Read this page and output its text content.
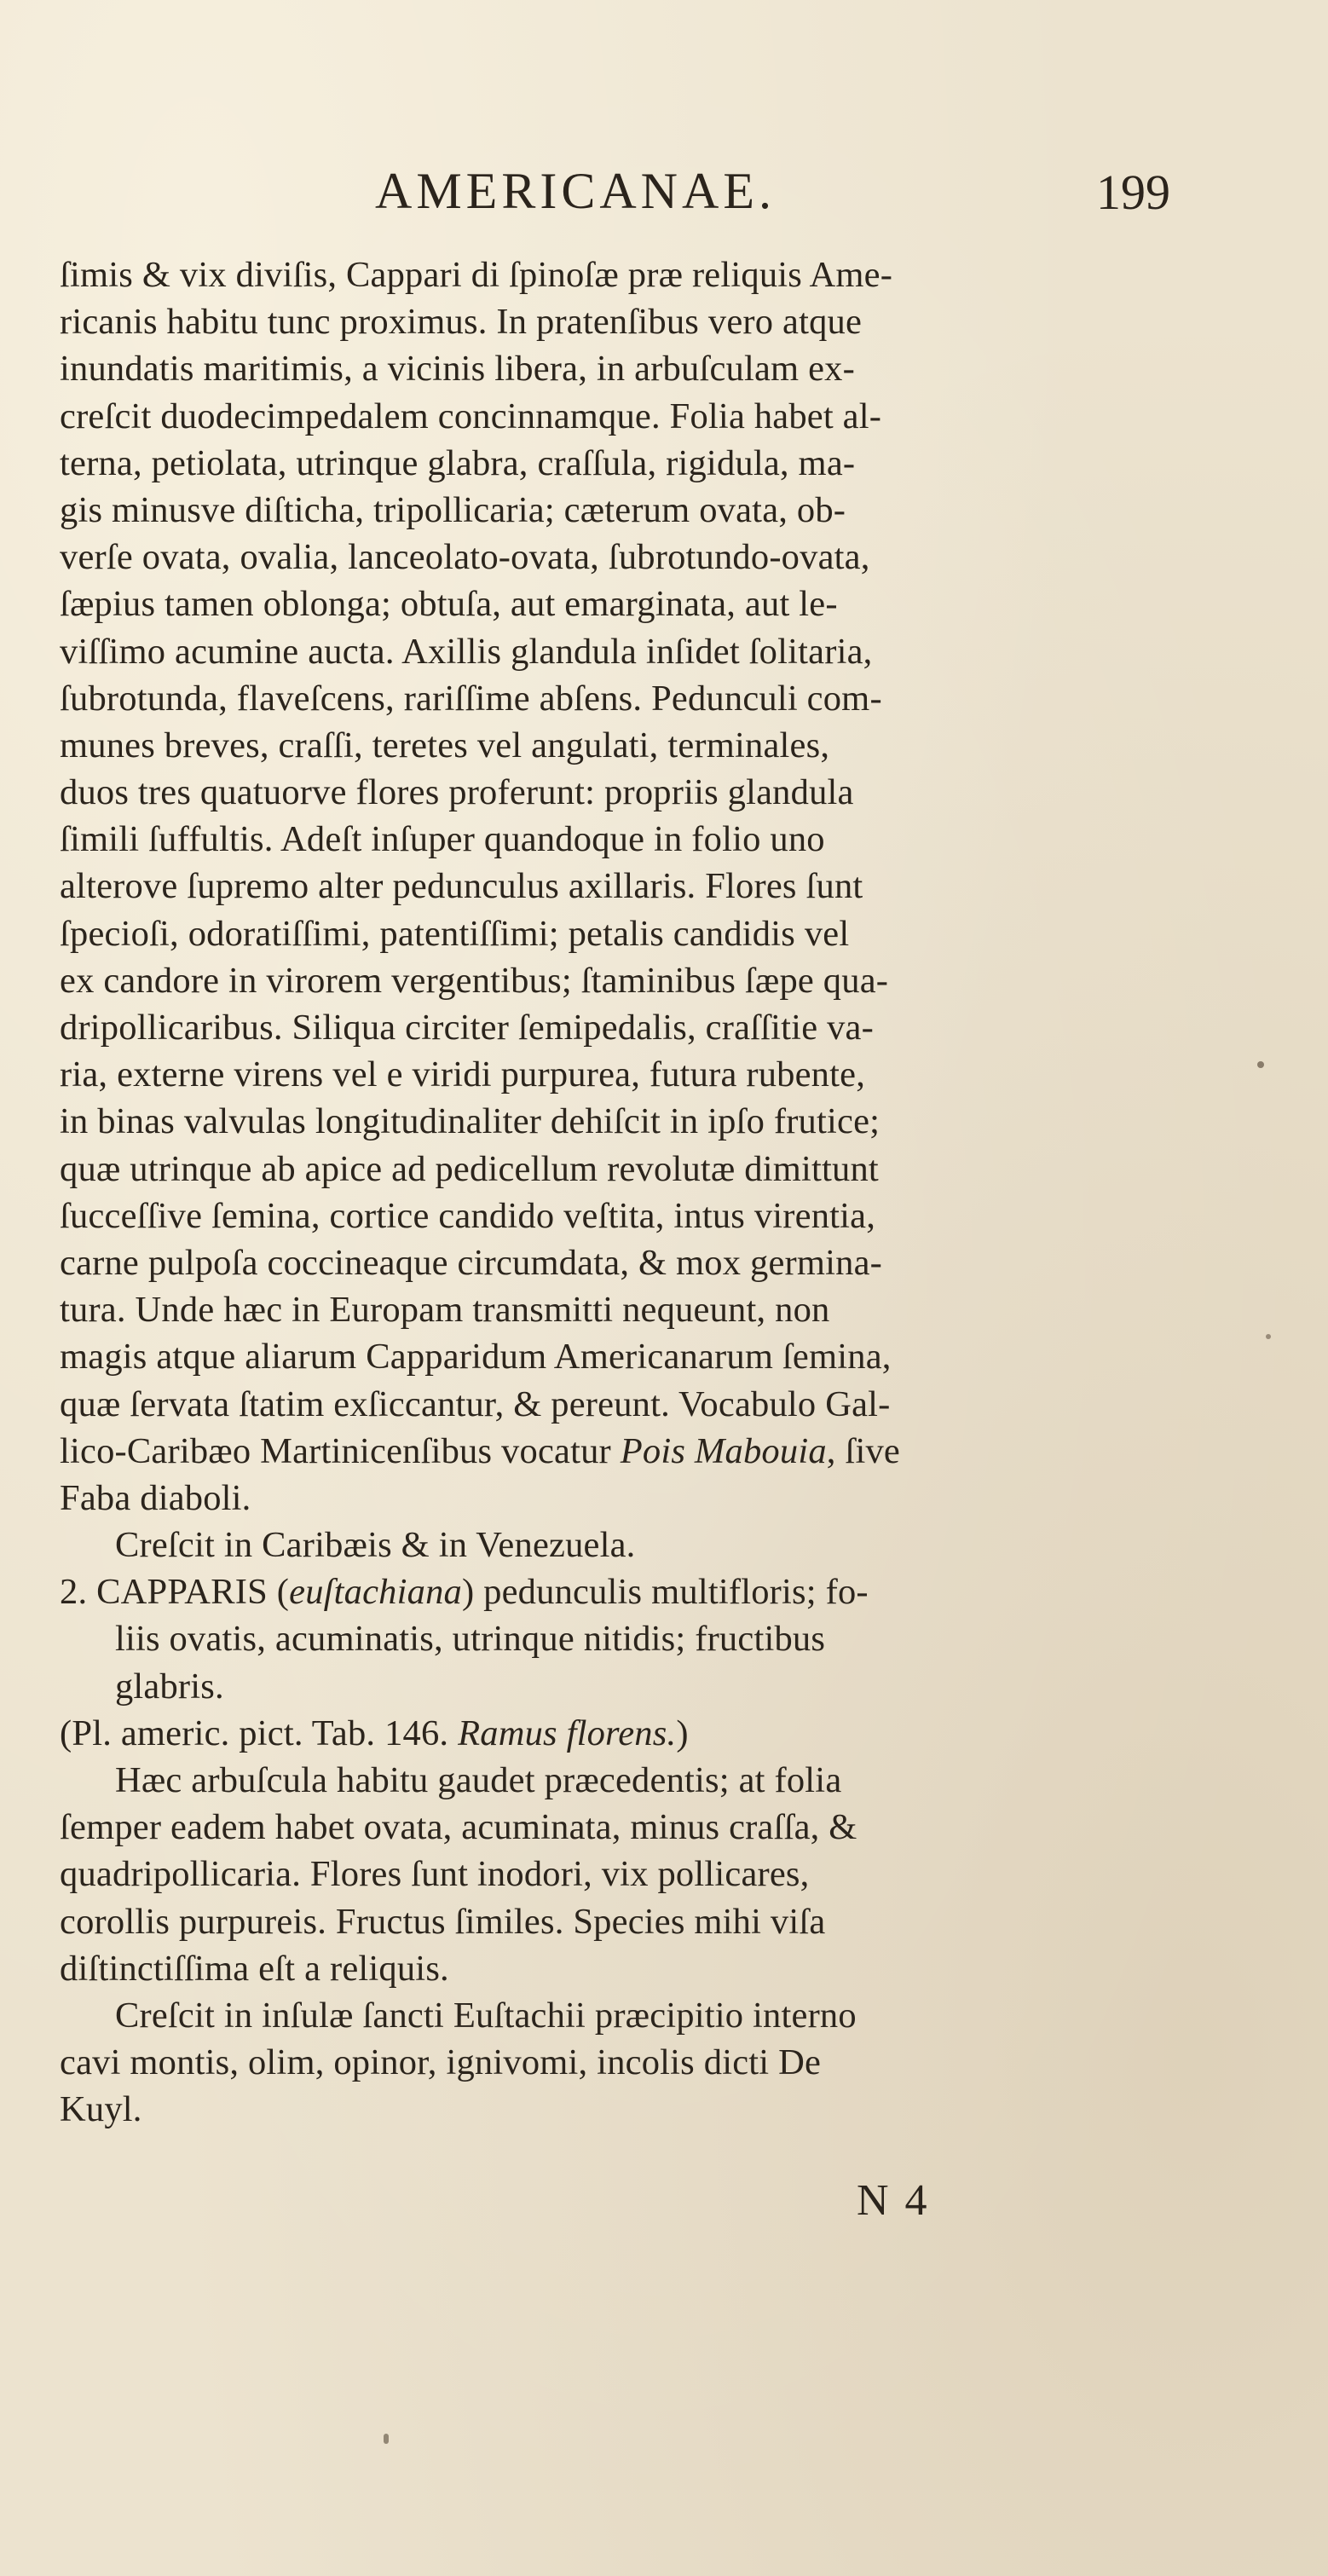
AMERICANAE.	199
ſimis & vix diviſis, Cappari di ſpinoſæ præ reliquis Ame-
ricanis habitu tunc proximus. In pratenſibus vero atque
inundatis maritimis, a vicinis libera, in arbuſculam ex-
creſcit duodecimpedalem concinnamque. Folia habet al-
terna, petiolata, utrinque glabra, craſſula, rigidula, ma-
gis minusve diſticha, tripollicaria; cæterum ovata, ob-
verſe ovata, ovalia, lanceolato-ovata, ſubrotundo-ovata,
ſæpius tamen oblonga; obtuſa, aut emarginata, aut le-
viſſimo acumine aucta. Axillis glandula inſidet ſolitaria,
ſubrotunda, flaveſcens, rariſſime abſens. Pedunculi com-
munes breves, craſſi, teretes vel angulati, terminales,
duos tres quatuorve flores proferunt: propriis glandula
ſimili ſuffultis. Adeſt inſuper quandoque in folio uno
alterove ſupremo alter pedunculus axillaris. Flores ſunt
ſpecioſi, odoratiſſimi, patentiſſimi; petalis candidis vel
ex candore in virorem vergentibus; ſtaminibus ſæpe qua-
dripollicaribus. Siliqua circiter ſemipedalis, craſſitie va-
ria, externe virens vel e viridi purpurea, futura rubente,
in binas valvulas longitudinaliter dehiſcit in ipſo frutice;
quæ utrinque ab apice ad pedicellum revolutæ dimittunt
ſucceſſive ſemina, cortice candido veſtita, intus virentia,
carne pulpoſa coccineaque circumdata, & mox germina-
tura. Unde hæc in Europam transmitti nequeunt, non
magis atque aliarum Capparidum Americanarum ſemina,
quæ ſervata ſtatim exſiccantur, & pereunt. Vocabulo Gal-
lico-Caribæo Martinicenſibus vocatur Pois Mabouia, ſive
Faba diaboli.
Creſcit in Caribæis & in Venezuela.
2. CAPPARIS (euſtachiana) pedunculis multifloris; fo-
liis ovatis, acuminatis, utrinque nitidis; fructibus
glabris.
(Pl. americ. pict. Tab. 146. Ramus florens.)
Hæc arbuſcula habitu gaudet præcedentis; at folia
ſemper eadem habet ovata, acuminata, minus craſſa, &
quadripollicaria. Flores ſunt inodori, vix pollicares,
corollis purpureis. Fructus ſimiles. Species mihi viſa
diſtinctiſſima eſt a reliquis.
Creſcit in inſulæ ſancti Euſtachii præcipitio interno
cavi montis, olim, opinor, ignivomi, incolis dicti De
Kuyl.
N 4
